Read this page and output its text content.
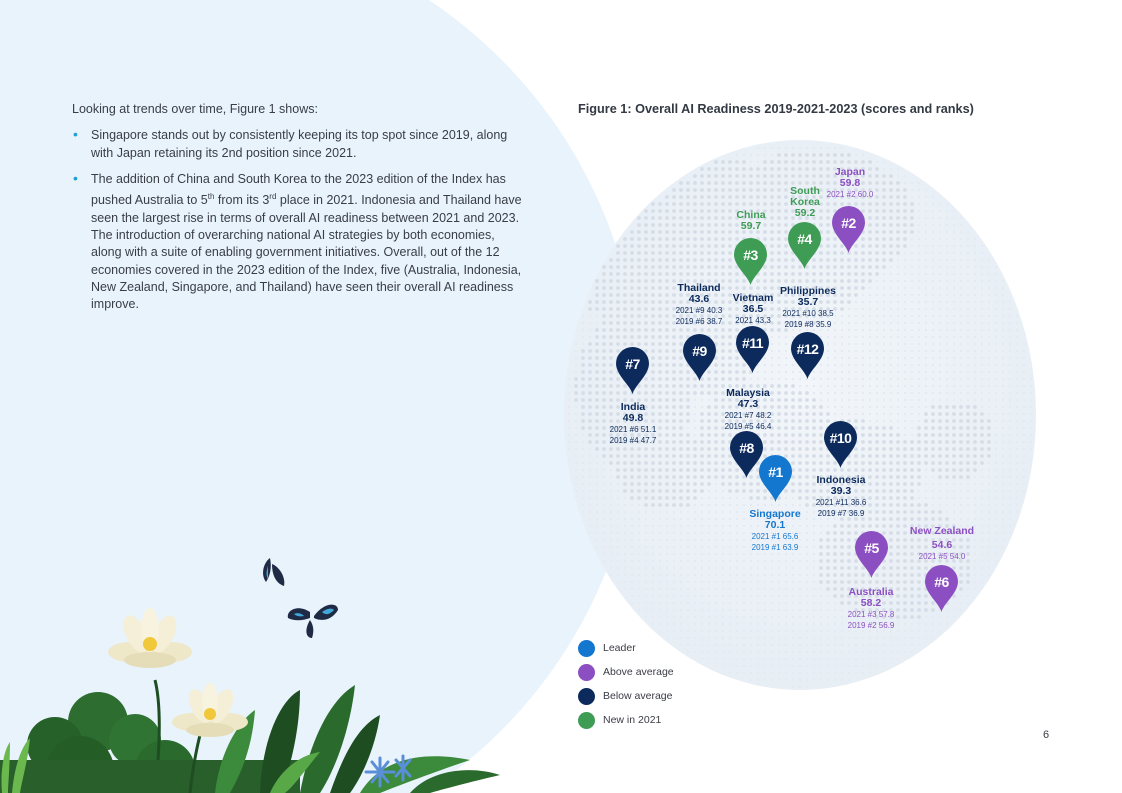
Looking at trends over time, Figure 1 shows:

• Singapore stands out by consistently keeping its top spot since 2019, along with Japan retaining its 2nd position since 2021.
• The addition of China and South Korea to the 2023 edition of the Index has pushed Australia to 5th from its 3rd place in 2021. Indonesia and Thailand have seen the largest rise in terms of overall AI readiness between 2021 and 2023. The introduction of overarching national AI strategies by both economies, along with a suite of enabling government initiatives. Overall, out of the 12 economies covered in the 2023 edition of the Index, five (Australia, Indonesia, New Zealand, Singapore, and Thailand) have seen their overall AI readiness improve.
Figure 1: Overall AI Readiness 2019-2021-2023 (scores and ranks)
#2
#4
#3
#9	#11	#12
#7
#8
#10
#1
#5
#6
Japan
59.8
2021 #2 60.0
South
Korea
59.2
China
59.7
Thailand
43.6
2021 #9 40.3
2019 #6 38.7
Vietnam
36.5
2021 43.3
Philippines
35.7
2021 #10 38.5
2019 #8 35.9
India
49.8
2021 #6 51.1
2019 #4 47.7
Malaysia
47.3
2021 #7 48.2
2019 #5 46.4
Indonesia
39.3
2021 #11 36.6
2019 #7 36.9
Singapore
70.1
2021 #1 65.6
2019 #1 63.9
New Zealand
54.6
2021 #5 54.0
Australia
58.2
2021 #3 57.8
2019 #2 56.9
Leader
Above average
Below average
New in 2021
6
